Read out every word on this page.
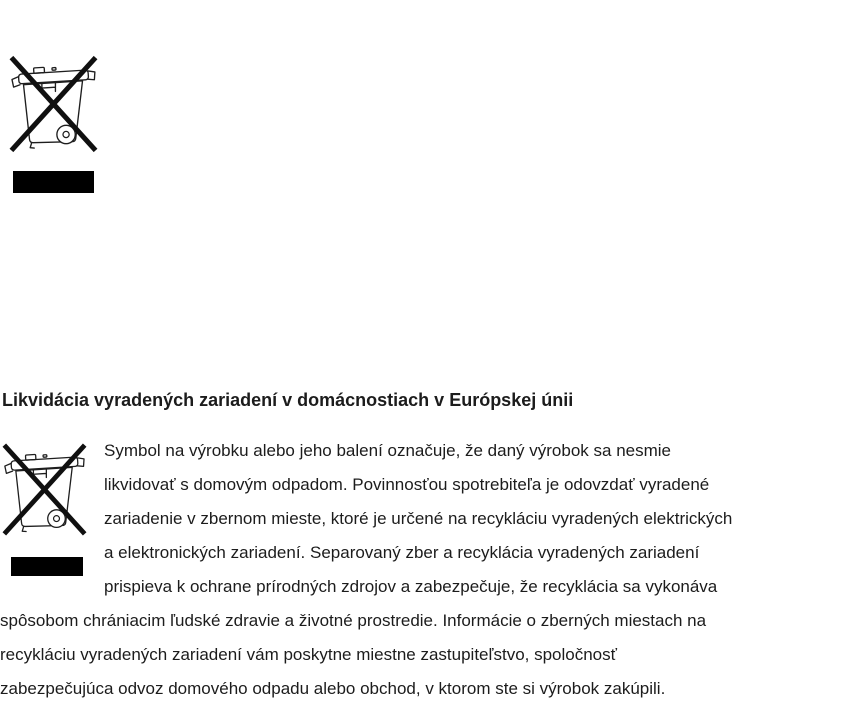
Likvidácia vyradených zariadení v domácnostiach v Európskej únii
Symbol na výrobku alebo jeho balení označuje, že daný výrobok sa nesmie
likvidovať s domovým odpadom. Povinnosťou spotrebiteľa je odovzdať vyradené
zariadenie v zbernom mieste, ktoré je určené na recykláciu vyradených elektrických
a elektronických zariadení. Separovaný zber a recyklácia vyradených zariadení
prispieva k ochrane prírodných zdrojov a zabezpečuje, že recyklácia sa vykonáva
spôsobom chrániacim ľudské zdravie a životné prostredie. Informácie o zberných miestach na
recykláciu vyradených zariadení vám poskytne miestne zastupiteľstvo, spoločnosť
zabezpečujúca odvoz domového odpadu alebo obchod, v ktorom ste si výrobok zakúpili.
